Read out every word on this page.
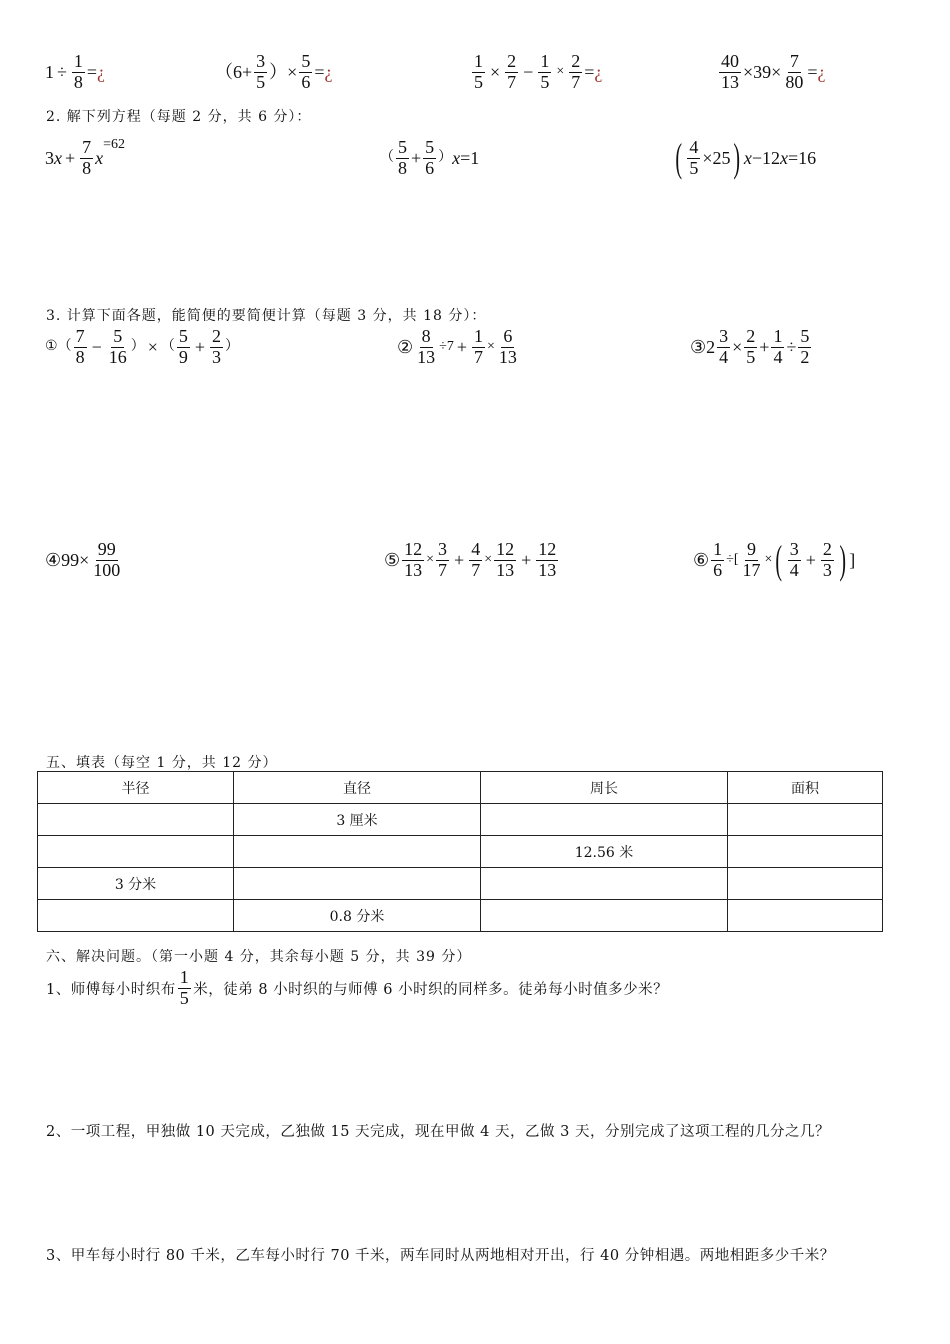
$1 \div \frac{1}{8}$ = ¿	（$6+ \frac{3}{5}$ ）× $\frac{5}{6}$ = ¿	$\frac{1}{5} \times \frac{2}{7} - \frac{1}{5} \times \frac{2}{7}$ = ¿	$\frac{40}{13} \times 39\times \frac{7}{80}$ = ¿
2. 解下列方程（每题 2 分，共 6 分）：
3 $x + \frac{7}{8}$ x
=62
（ $\frac{5}{8} + \frac{5}{6}$ ） x =1	( $\frac{4}{5} \times 25$ ) x −12 x =16
3. 计算下面各题，能简便的要简便计算（每题 3 分，共 18 分）：
① （ $\frac{7}{8} - \frac{5}{16}$ ） × （ $\frac{5}{9} + \frac{2}{3}$ ）	② $\frac{8}{13} \div 7 + \frac{1}{7} \times \frac{6}{13}$	③ $2 \frac{3}{4} \times \frac{2}{5} + \frac{1}{4} \div \frac{5}{2}$
④ $99 \times \frac{99}{100}$	⑤ $\frac{12}{13} \times \frac{3}{7} + \frac{4}{7} \times \frac{12}{13} + \frac{12}{13}$	⑥ $\frac{1}{6}$ ÷[ $\frac{9}{17}$ × ( $\frac{3}{4} + \frac{2}{3}$ ) ]
五、填表（每空 1 分，共 12 分）
半径	直径	周长	面积
	3 厘米		
		12.56 米	
3 分米			
	0.8 分米		
六、解决问题。（第一小题 4 分，其余每小题 5 分，共 39 分）
1、师傅每小时织布 $\frac{1}{5}$ 米，徒弟 8 小时织的与师傅 6 小时织的同样多。徒弟每小时值多少米？
2、一项工程，甲独做 10 天完成，乙独做 15 天完成，现在甲做 4 天，乙做 3 天，分别完成了这项工程的几分之几？
3、甲车每小时行 80 千米，乙车每小时行 70 千米，两车同时从两地相对开出，行 40 分钟相遇。两地相距多少千米？
